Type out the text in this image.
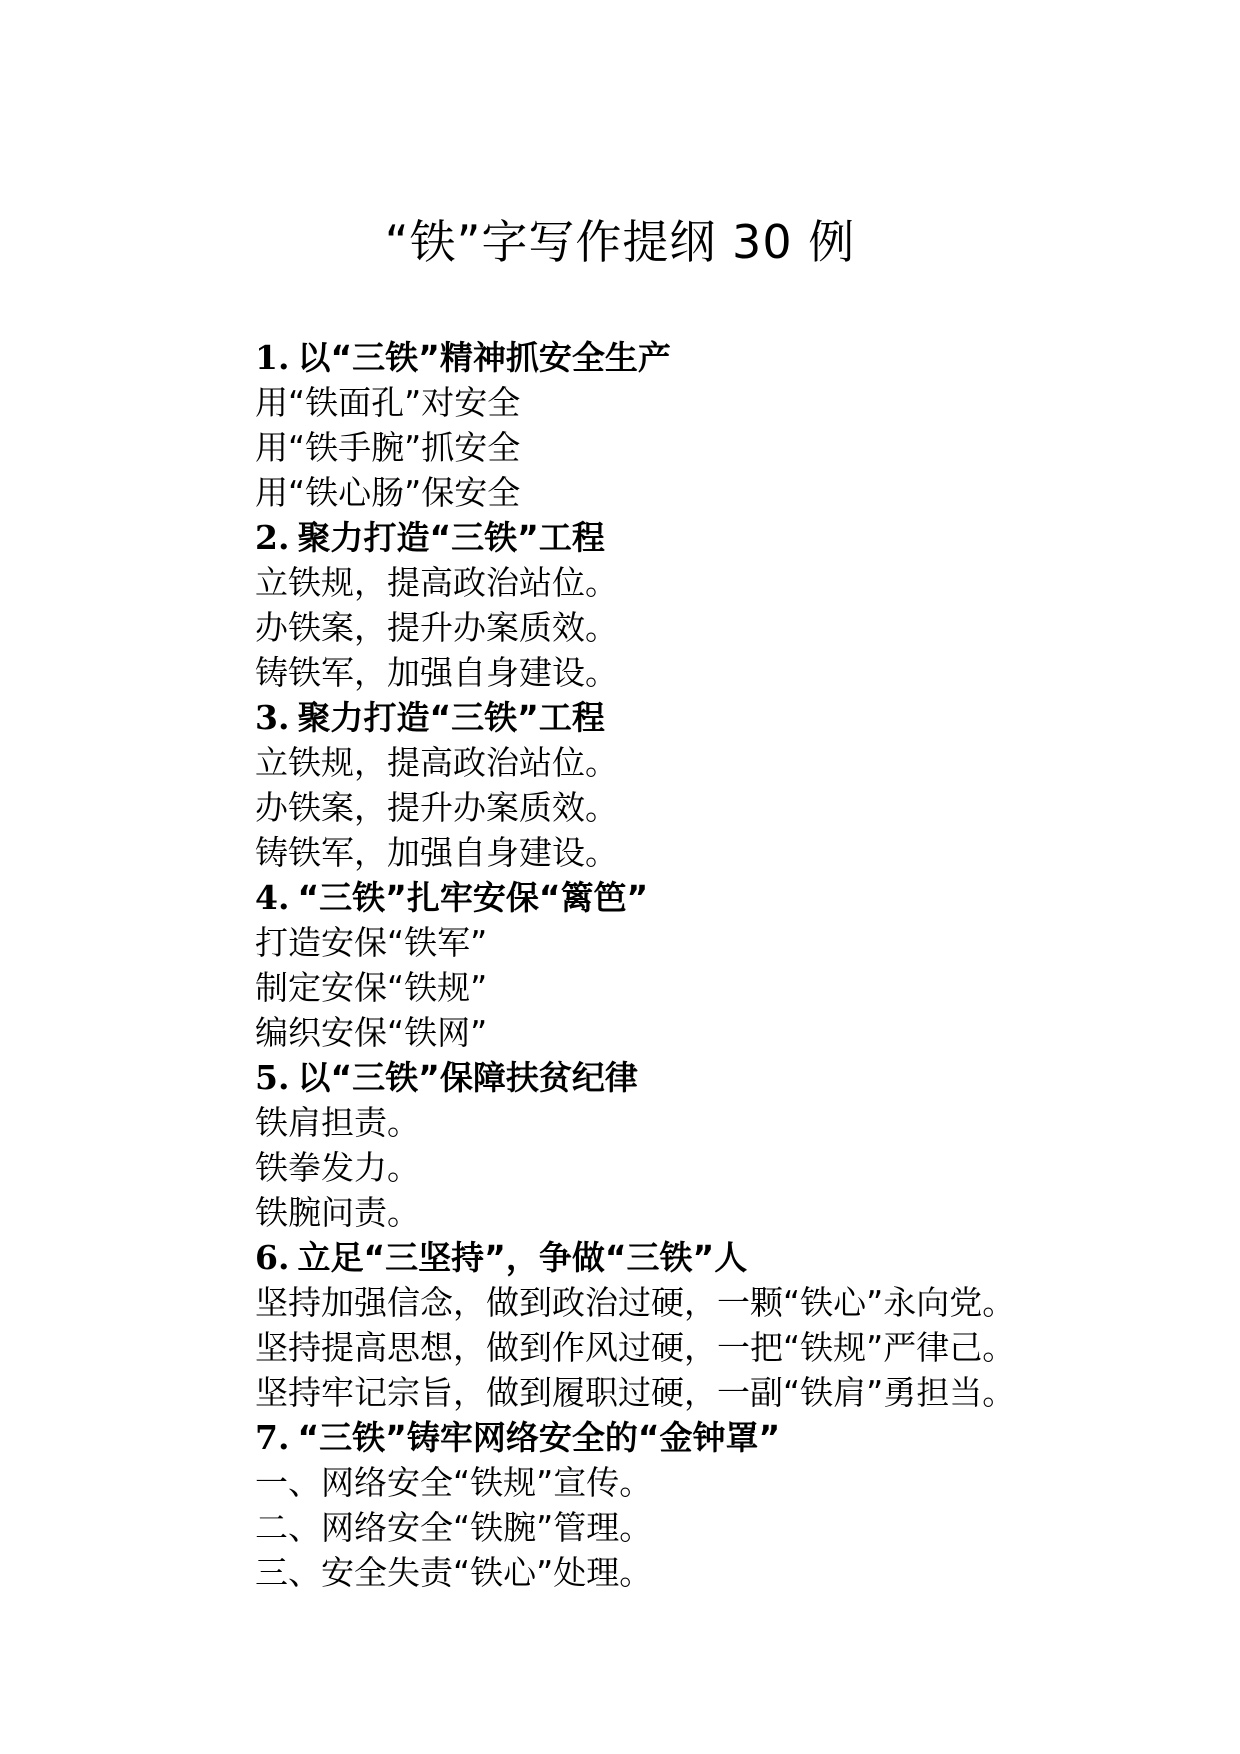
“铁”字写作提纲 30 例
1. 以“三铁”精神抓安全生产
用“铁面孔”对安全
用“铁手腕”抓安全
用“铁心肠”保安全
2. 聚力打造“三铁”工程
立铁规，提高政治站位。
办铁案，提升办案质效。
铸铁军，加强自身建设。
3. 聚力打造“三铁”工程
立铁规，提高政治站位。
办铁案，提升办案质效。
铸铁军，加强自身建设。
4. “三铁”扎牢安保“篱笆”
打造安保“铁军”
制定安保“铁规”
编织安保“铁网”
5. 以“三铁”保障扶贫纪律
铁肩担责。
铁拳发力。
铁腕问责。
6. 立足“三坚持”，争做“三铁”人
坚持加强信念，做到政治过硬，一颗“铁心”永向党。
坚持提高思想，做到作风过硬，一把“铁规”严律己。
坚持牢记宗旨，做到履职过硬，一副“铁肩”勇担当。
7. “三铁”铸牢网络安全的“金钟罩”
一、网络安全“铁规”宣传。
二、网络安全“铁腕”管理。
三、安全失责“铁心”处理。
